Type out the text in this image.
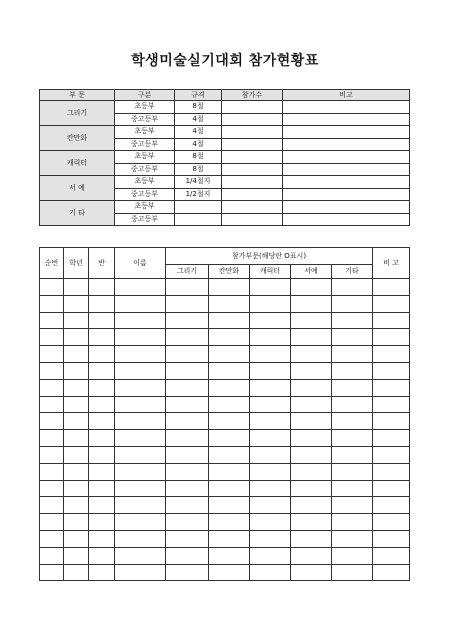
학생미술실기대회 참가현황표
부 문	구분	규격	참가수	비고
그리기	초등부	8절		
	중고등부	4절		
칸만화	초등부	4절		
	중고등부	4절		
캐릭터	초등부	8절		
	중고등부	8절		
서 예	초등부	1/4절지		
	중고등부	1/2절지		
기 타	초등부			
	중고등부			
순번	학년	반	이름	참가부문(해당란 O표시)					비 고
				그리기	칸만화	캐릭터	서예	기타	
